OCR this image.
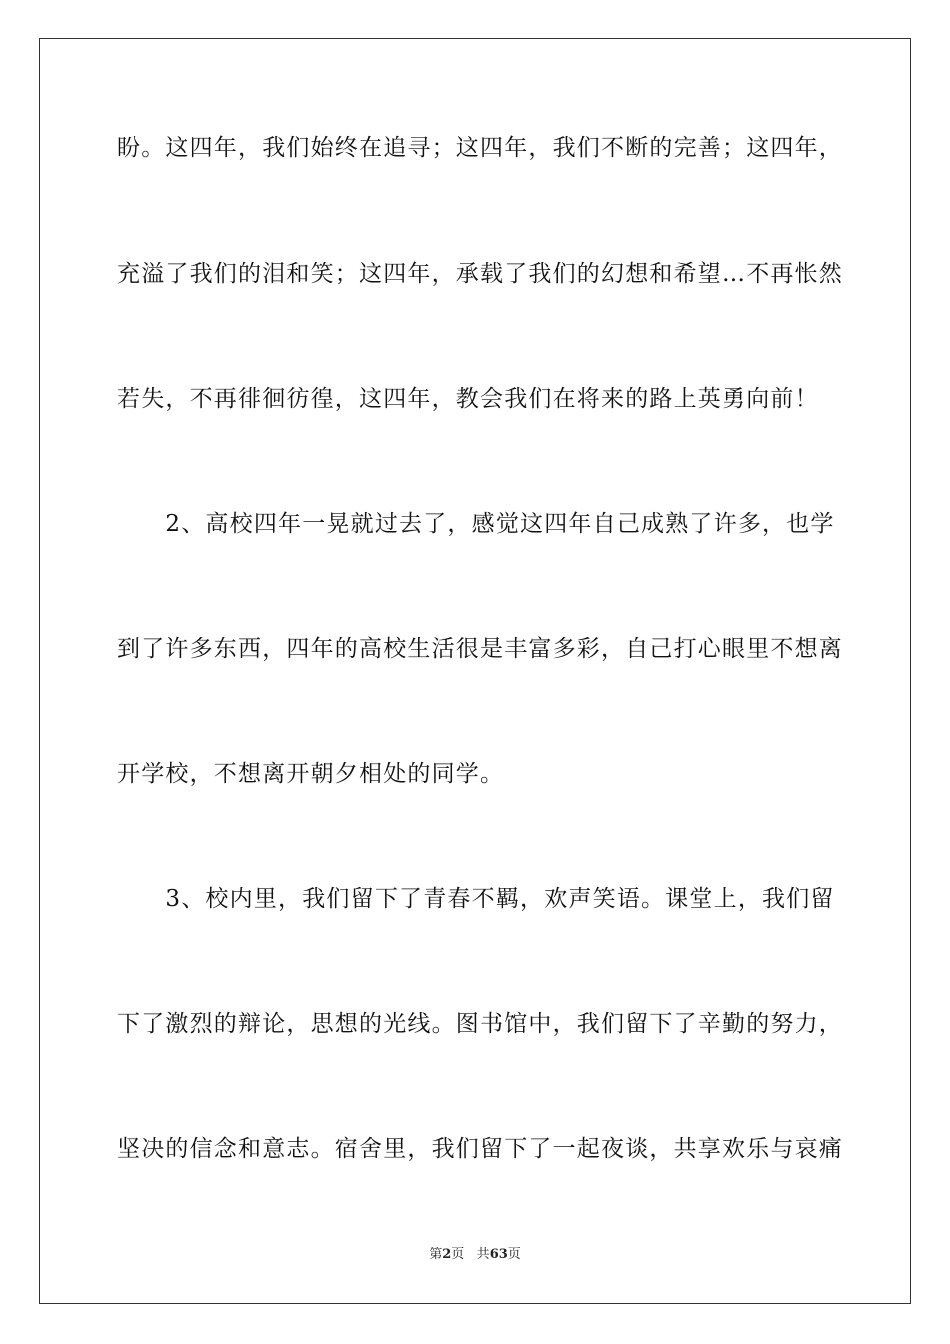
盼。这四年，我们始终在追寻；这四年，我们不断的完善；这四年，
充溢了我们的泪和笑；这四年，承载了我们的幻想和希望…不再怅然
若失，不再徘徊彷徨，这四年，教会我们在将来的路上英勇向前！
　　2、高校四年一晃就过去了，感觉这四年自己成熟了许多，也学
到了许多东西，四年的高校生活很是丰富多彩，自己打心眼里不想离
开学校，不想离开朝夕相处的同学。
　　3、校内里，我们留下了青春不羁，欢声笑语。课堂上，我们留
下了激烈的辩论，思想的光线。图书馆中，我们留下了辛勤的努力，
坚决的信念和意志。宿舍里，我们留下了一起夜谈，共享欢乐与哀痛
第2页 共63页
